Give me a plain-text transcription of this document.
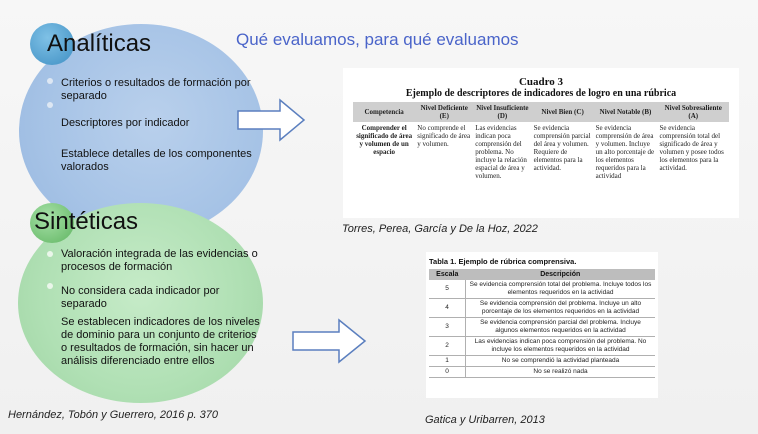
Analíticas
Sintéticas
Criterios o resultados de formación por separado
Descriptores por indicador
Establece detalles de los componentes valorados
Valoración integrada de las evidencias o procesos de formación
No considera cada indicador por separado
Se establecen indicadores de los niveles de dominio para un conjunto de criterios o resultados de formación, sin hacer un análisis diferenciado entre ellos
Qué evaluamos, para qué evaluamos
Cuadro 3
Ejemplo de descriptores de indicadores de logro en una rúbrica
Competencia	Nivel Deficiente (E)	Nivel Insuficiente (D)	Nivel Bien (C)	Nivel Notable (B)	Nivel Sobresaliente (A)
Comprender el significado de área y volumen de un espacio	No comprende el significado de área y volumen.	Las evidencias indican poca comprensión del problema. No incluye la relación espacial de área y volumen.	Se evidencia comprensión parcial del área y volumen. Requiere de elementos para la actividad.	Se evidencia comprensión de área y volumen. Incluye un alto porcentaje de los elementos requeridos para la actividad	Se evidencia comprensión total del significado de área y volumen y posee todos los elementos para la actividad.
Torres, Perea, García y De la Hoz, 2022
Tabla 1. Ejemplo de rúbrica comprensiva.
Escala	Descripción
5	Se evidencia comprensión total del problema. Incluye todos los elementos requeridos en la actividad
4	Se evidencia comprensión del problema. Incluye un alto porcentaje de los elementos requeridos en la actividad
3	Se evidencia comprensión parcial del problema. Incluye algunos elementos requeridos en la actividad
2	Las evidencias indican poca comprensión del problema. No incluye los elementos requeridos en la actividad
1	No se comprendió la actividad planteada
0	No se realizó nada
Hernández, Tobón y Guerrero, 2016 p. 370	Gatica y Uribarren, 2013
